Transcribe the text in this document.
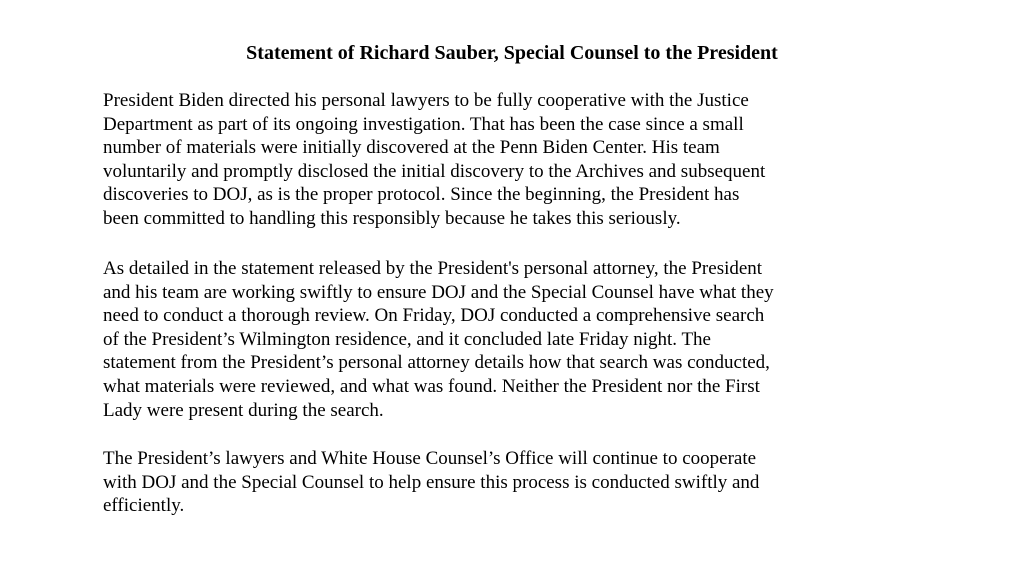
Statement of Richard Sauber, Special Counsel to the President
President Biden directed his personal lawyers to be fully cooperative with the Justice
Department as part of its ongoing investigation. That has been the case since a small
number of materials were initially discovered at the Penn Biden Center. His team
voluntarily and promptly disclosed the initial discovery to the Archives and subsequent
discoveries to DOJ, as is the proper protocol. Since the beginning, the President has
been committed to handling this responsibly because he takes this seriously.
As detailed in the statement released by the President's personal attorney, the President
and his team are working swiftly to ensure DOJ and the Special Counsel have what they
need to conduct a thorough review. On Friday, DOJ conducted a comprehensive search
of the President’s Wilmington residence, and it concluded late Friday night. The
statement from the President’s personal attorney details how that search was conducted,
what materials were reviewed, and what was found. Neither the President nor the First
Lady were present during the search.
The President’s lawyers and White House Counsel’s Office will continue to cooperate
with DOJ and the Special Counsel to help ensure this process is conducted swiftly and
efficiently.
